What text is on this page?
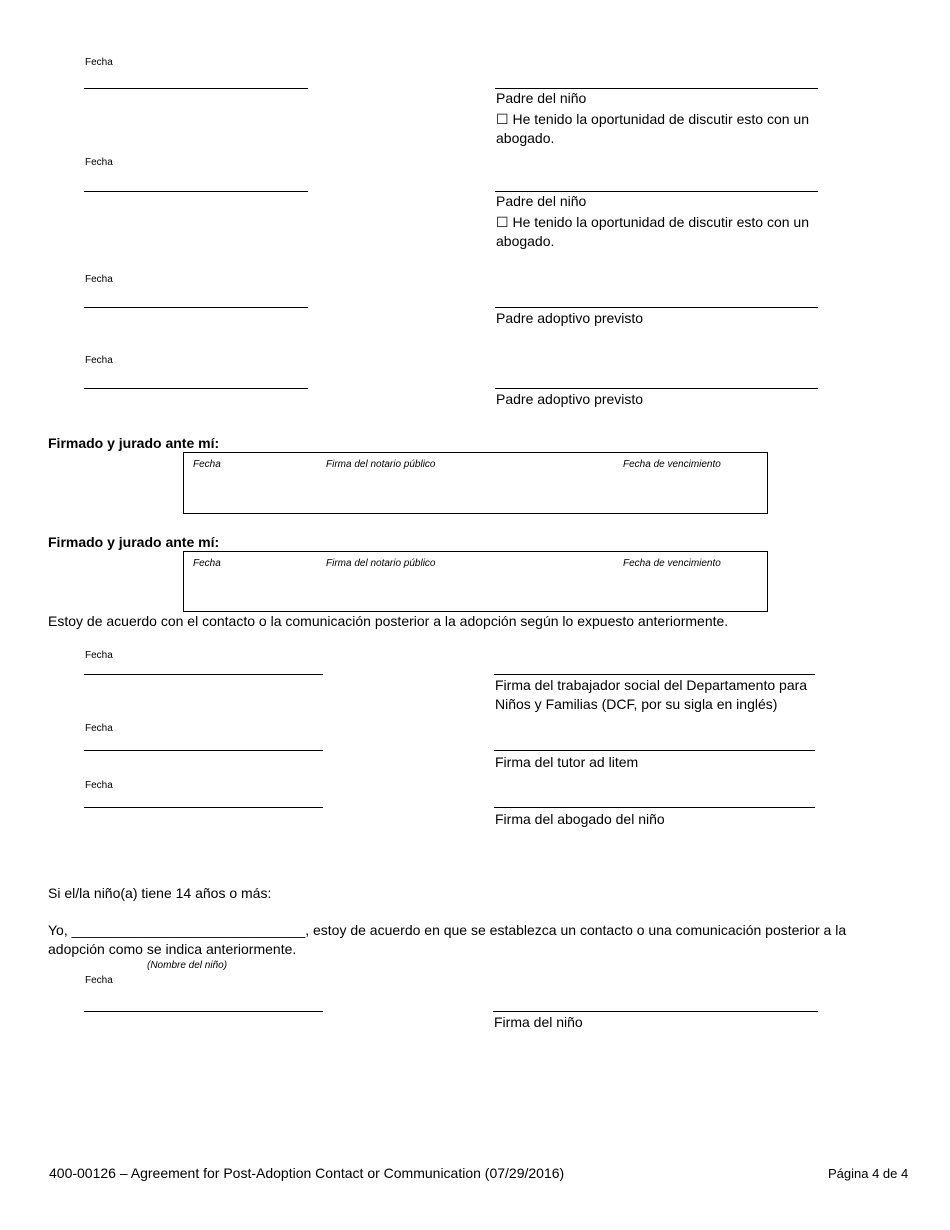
Fecha
Padre del niño
☐ He tenido la oportunidad de discutir esto con un
abogado.
Fecha
Padre del niño
☐ He tenido la oportunidad de discutir esto con un
abogado.
Fecha
Padre adoptivo previsto
Fecha
Padre adoptivo previsto
Firmado y jurado ante mí:
Fecha	Firma del notario público	Fecha de vencimiento
Firmado y jurado ante mí:
Fecha	Firma del notario público	Fecha de vencimiento
Estoy de acuerdo con el contacto o la comunicación posterior a la adopción según lo expuesto anteriormente.
Fecha
Firma del trabajador social del Departamento para
Niños y Familias (DCF, por su sigla en inglés)
Fecha
Firma del tutor ad litem
Fecha
Firma del abogado del niño
Si el/la niño(a) tiene 14 años o más:
Yo, ______________________________, estoy de acuerdo en que se establezca un contacto o una comunicación posterior a la
adopción como se indica anteriormente.
(Nombre del niño)
Fecha
Firma del niño
400-00126 – Agreement for Post-Adoption Contact or Communication (07/29/2016)	Página 4 de 4
